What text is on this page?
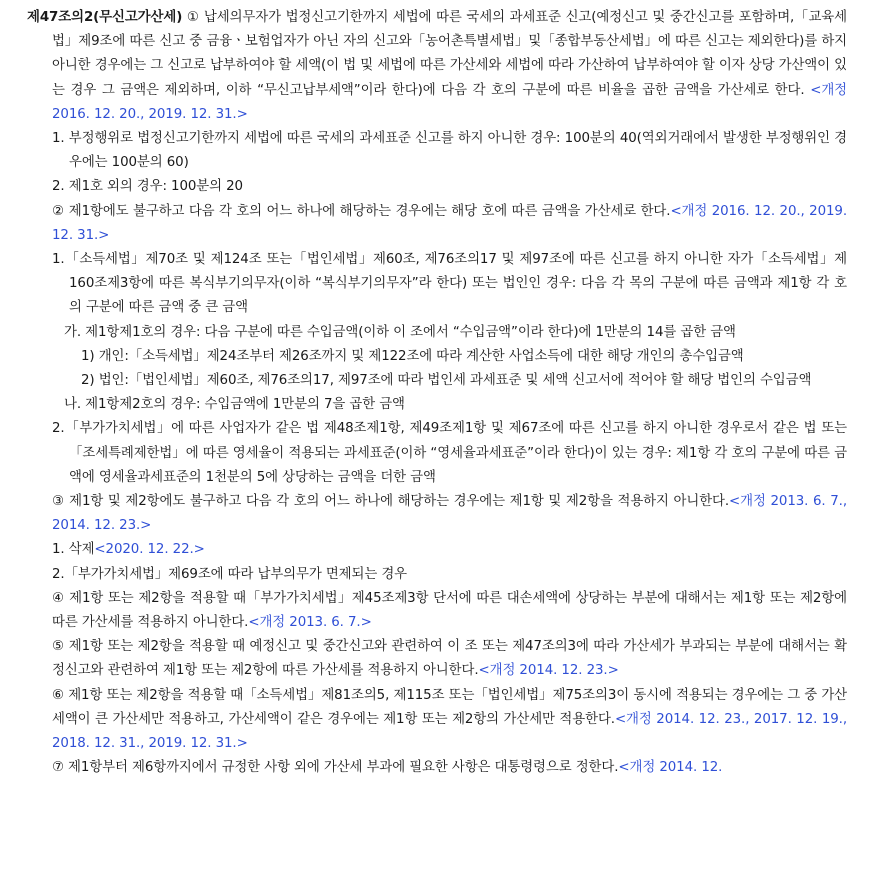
제47조의2(무신고가산세) ① 납세의무자가 법정신고기한까지 세법에 따른 국세의 과세표준 신고(예정신고 및 중간신고를 포함하며,「교육세법」제9조에 따른 신고 중 금융ㆍ보험업자가 아닌 자의 신고와「농어촌특별세법」및「종합부동산세법」에 따른 신고는 제외한다)를 하지 아니한 경우에는 그 신고로 납부하여야 할 세액(이 법 및 세법에 따른 가산세와 세법에 따라 가산하여 납부하여야 할 이자 상당 가산액이 있는 경우 그 금액은 제외하며, 이하 “무신고납부세액”이라 한다)에 다음 각 호의 구분에 따른 비율을 곱한 금액을 가산세로 한다. <개정 2016. 12. 20., 2019. 12. 31.>

1. 부정행위로 법정신고기한까지 세법에 따른 국세의 과세표준 신고를 하지 아니한 경우: 100분의 40(역외거래에서 발생한 부정행위인 경우에는 100분의 60)

2. 제1호 외의 경우: 100분의 20

② 제1항에도 불구하고 다음 각 호의 어느 하나에 해당하는 경우에는 해당 호에 따른 금액을 가산세로 한다.<개정 2016. 12. 20., 2019. 12. 31.>

1.「소득세법」제70조 및 제124조 또는「법인세법」제60조, 제76조의17 및 제97조에 따른 신고를 하지 아니한 자가「소득세법」제160조제3항에 따른 복식부기의무자(이하 “복식부기의무자”라 한다) 또는 법인인 경우: 다음 각 목의 구분에 따른 금액과 제1항 각 호의 구분에 따른 금액 중 큰 금액

가. 제1항제1호의 경우: 다음 구분에 따른 수입금액(이하 이 조에서 “수입금액”이라 한다)에 1만분의 14를 곱한 금액

1) 개인:「소득세법」제24조부터 제26조까지 및 제122조에 따라 계산한 사업소득에 대한 해당 개인의 총수입금액

2) 법인:「법인세법」제60조, 제76조의17, 제97조에 따라 법인세 과세표준 및 세액 신고서에 적어야 할 해당 법인의 수입금액

나. 제1항제2호의 경우: 수입금액에 1만분의 7을 곱한 금액

2.「부가가치세법」에 따른 사업자가 같은 법 제48조제1항, 제49조제1항 및 제67조에 따른 신고를 하지 아니한 경우로서 같은 법 또는「조세특례제한법」에 따른 영세율이 적용되는 과세표준(이하 “영세율과세표준”이라 한다)이 있는 경우: 제1항 각 호의 구분에 따른 금액에 영세율과세표준의 1천분의 5에 상당하는 금액을 더한 금액

③ 제1항 및 제2항에도 불구하고 다음 각 호의 어느 하나에 해당하는 경우에는 제1항 및 제2항을 적용하지 아니한다.<개정 2013. 6. 7., 2014. 12. 23.>

1. 삭제<2020. 12. 22.>

2.「부가가치세법」제69조에 따라 납부의무가 면제되는 경우

④ 제1항 또는 제2항을 적용할 때「부가가치세법」제45조제3항 단서에 따른 대손세액에 상당하는 부분에 대해서는 제1항 또는 제2항에 따른 가산세를 적용하지 아니한다.<개정 2013. 6. 7.>

⑤ 제1항 또는 제2항을 적용할 때 예정신고 및 중간신고와 관련하여 이 조 또는 제47조의3에 따라 가산세가 부과되는 부분에 대해서는 확정신고와 관련하여 제1항 또는 제2항에 따른 가산세를 적용하지 아니한다.<개정 2014. 12. 23.>

⑥ 제1항 또는 제2항을 적용할 때「소득세법」제81조의5, 제115조 또는「법인세법」제75조의3이 동시에 적용되는 경우에는 그 중 가산세액이 큰 가산세만 적용하고, 가산세액이 같은 경우에는 제1항 또는 제2항의 가산세만 적용한다.<개정 2014. 12. 23., 2017. 12. 19., 2018. 12. 31., 2019. 12. 31.>

⑦ 제1항부터 제6항까지에서 규정한 사항 외에 가산세 부과에 필요한 사항은 대통령령으로 정한다.<개정 2014. 12.
